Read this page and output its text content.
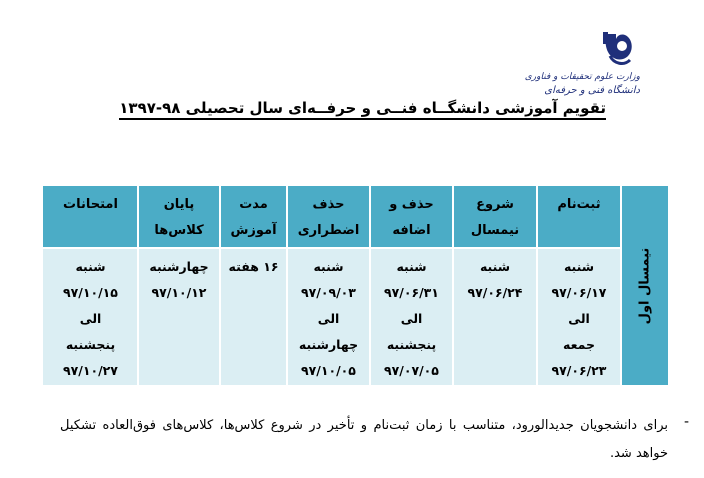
وزارت علوم تحقیقات و فناوری
دانشگاه فنی و حرفه‌ای
تقویم آموزشی دانشگــاه فنــی و حرفــه‌ای سال تحصیلی ۹۸-۱۳۹۷
نیمسال اول
ثبت‌نام
شنبه
۹۷/۰۶/۱۷
الی
جمعه
۹۷/۰۶/۲۳
شروع
نیمسال
شنبه
۹۷/۰۶/۲۴
حذف و
اضافه
شنبه
۹۷/۰۶/۳۱
الی
پنجشنبه
۹۷/۰۷/۰۵
حذف
اضطراری
شنبه
۹۷/۰۹/۰۳
الی
چهارشنبه
۹۷/۱۰/۰۵
مدت
آموزش
۱۶ هفته
پایان
کلاس‌ها
چهارشنبه
۹۷/۱۰/۱۲
امتحانات
شنبه
۹۷/۱۰/۱۵
الی
پنجشنبه
۹۷/۱۰/۲۷
-
برای دانشجویان جدیدالورود، متناسب با زمان ثبت‌نام و تأخیر در شروع کلاس‌ها، کلاس‌های فوق‌العاده تشکیل خواهد شد.
